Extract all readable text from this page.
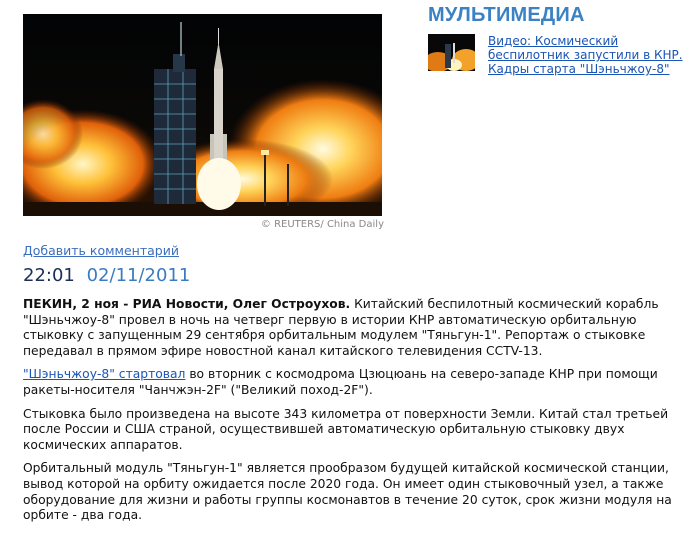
© REUTERS/ China Daily
МУЛЬТИМЕДИА
Видео: Космический беспилотник запустили в КНР. Кадры старта "Шэньчжоу-8"
Добавить комментарий
22:01 02/11/2011

ПЕКИН, 2 ноя - РИА Новости, Олег Остроухов. Китайский беспилотный космический корабль "Шэньчжоу-8" провел в ночь на четверг первую в истории КНР автоматическую орбитальную стыковку с запущенным 29 сентября орбитальным модулем "Тяньгун-1". Репортаж о стыковке передавал в прямом эфире новостной канал китайского телевидения CCTV-13.

"Шэньчжоу-8" стартовал во вторник с космодрома Цзюцюань на северо-западе КНР при помощи ракеты-носителя "Чанчжэн-2F" ("Великий поход-2F").

Стыковка было произведена на высоте 343 километра от поверхности Земли. Китай стал третьей после России и США страной, осуществившей автоматическую орбитальную стыковку двух космических аппаратов.

Орбитальный модуль "Тяньгун-1" является прообразом будущей китайской космической станции, вывод которой на орбиту ожидается после 2020 года. Он имеет один стыковочный узел, а также оборудование для жизни и работы группы космонавтов в течение 20 суток, срок жизни модуля на орбите - два года.
